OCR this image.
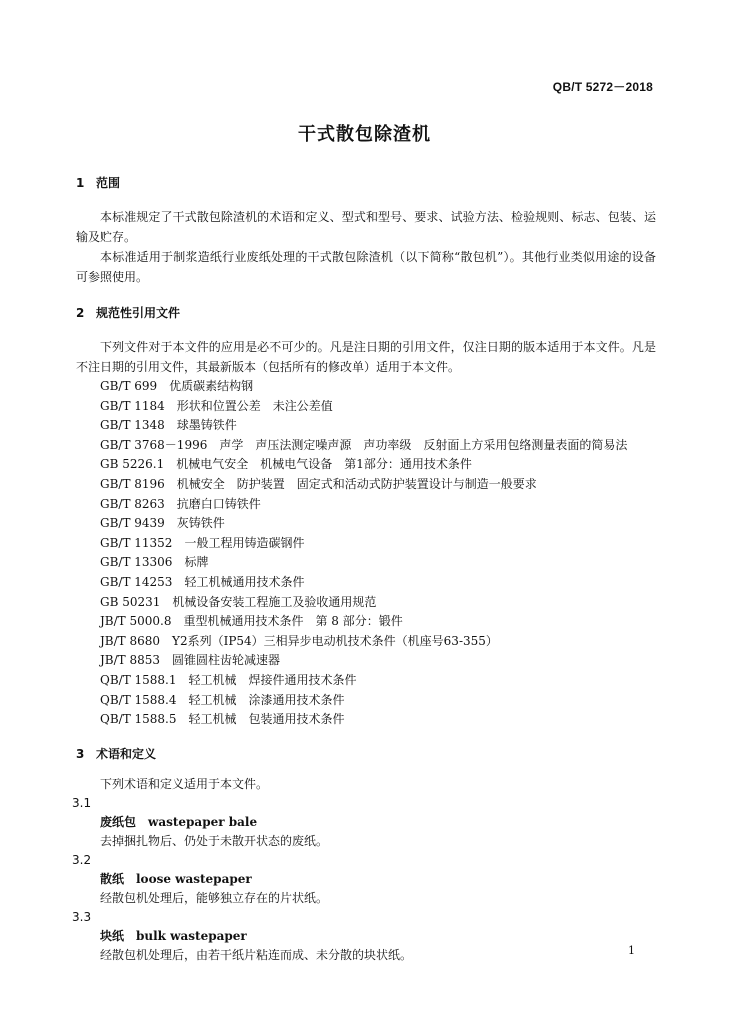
QB/T 5272－2018
干式散包除渣机
1 范围

本标准规定了干式散包除渣机的术语和定义、型式和型号、要求、试验方法、检验规则、标志、包装、运输及贮存。

本标准适用于制浆造纸行业废纸处理的干式散包除渣机（以下简称“散包机”）。其他行业类似用途的设备可参照使用。

2 规范性引用文件

下列文件对于本文件的应用是必不可少的。凡是注日期的引用文件，仅注日期的版本适用于本文件。凡是不注日期的引用文件，其最新版本（包括所有的修改单）适用于本文件。

GB/T 699　优质碳素结构钢
GB/T 1184　形状和位置公差　未注公差值
GB/T 1348　球墨铸铁件
GB/T 3768－1996　声学　声压法测定噪声源　声功率级　反射面上方采用包络测量表面的简易法
GB 5226.1　机械电气安全　机械电气设备　第1部分：通用技术条件
GB/T 8196　机械安全　防护装置　固定式和活动式防护装置设计与制造一般要求
GB/T 8263　抗磨白口铸铁件
GB/T 9439　灰铸铁件
GB/T 11352　一般工程用铸造碳钢件
GB/T 13306　标牌
GB/T 14253　轻工机械通用技术条件
GB 50231　机械设备安装工程施工及验收通用规范
JB/T 5000.8　重型机械通用技术条件　第 8 部分：锻件
JB/T 8680　Y2系列（IP54）三相异步电动机技术条件（机座号63-355）
JB/T 8853　圆锥圆柱齿轮减速器
QB/T 1588.1　轻工机械　焊接件通用技术条件
QB/T 1588.4　轻工机械　涂漆通用技术条件
QB/T 1588.5　轻工机械　包装通用技术条件
3 术语和定义

下列术语和定义适用于本文件。

3.1
废纸包　wastepaper bale
去掉捆扎物后、仍处于未散开状态的废纸。
3.2
散纸　loose wastepaper
经散包机处理后，能够独立存在的片状纸。
3.3
块纸　bulk wastepaper
经散包机处理后，由若干纸片粘连而成、未分散的块状纸。	1
